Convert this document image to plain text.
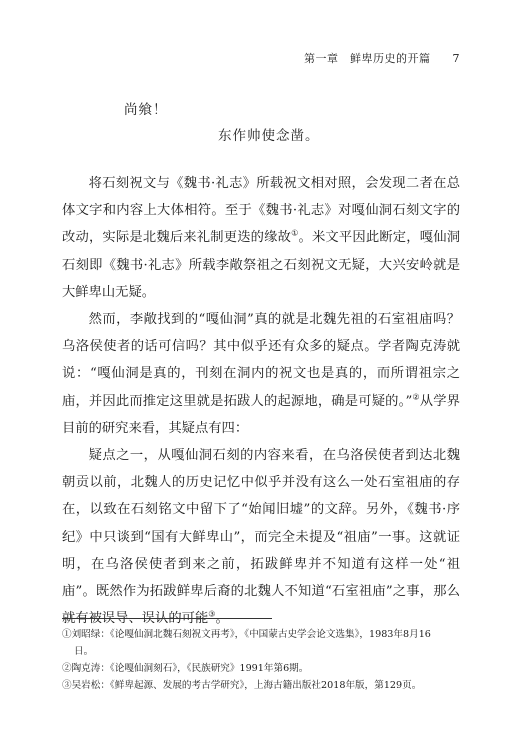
第一章　鲜卑历史的开篇 7
尚飨！
东作帅使念凿。

将石刻祝文与《魏书·礼志》所载祝文相对照，会发现二者在总体文字和内容上大体相符。至于《魏书·礼志》对嘎仙洞石刻文字的改动，实际是北魏后来礼制更迭的缘故①。米文平因此断定，嘎仙洞石刻即《魏书·礼志》所载李敞祭祖之石刻祝文无疑，大兴安岭就是大鲜卑山无疑。

然而，李敞找到的“嘎仙洞”真的就是北魏先祖的石室祖庙吗？乌洛侯使者的话可信吗？其中似乎还有众多的疑点。学者陶克涛就说：“嘎仙洞是真的，刊刻在洞内的祝文也是真的，而所谓祖宗之庙，并因此而推定这里就是拓跋人的起源地，确是可疑的。”②从学界目前的研究来看，其疑点有四：

疑点之一，从嘎仙洞石刻的内容来看，在乌洛侯使者到达北魏朝贡以前，北魏人的历史记忆中似乎并没有这么一处石室祖庙的存在，以致在石刻铭文中留下了“始闻旧墟”的文辞。另外，《魏书·序纪》中只谈到“国有大鲜卑山”，而完全未提及“祖庙”一事。这就证明，在乌洛侯使者到来之前，拓跋鲜卑并不知道有这样一处“祖庙”。既然作为拓跋鲜卑后裔的北魏人不知道“石室祖庙”之事，那么就有被误导、误认的可能③。

①刘昭绿：《论嘎仙洞北魏石刻祝文再考》，《中国蒙古史学会论文选集》，1983年8月16
日。
②陶克涛：《论嘎仙洞刻石》，《民族研究》1991年第6期。
③吴岩松：《鲜卑起源、发展的考古学研究》，上海古籍出版社2018年版，第129页。
